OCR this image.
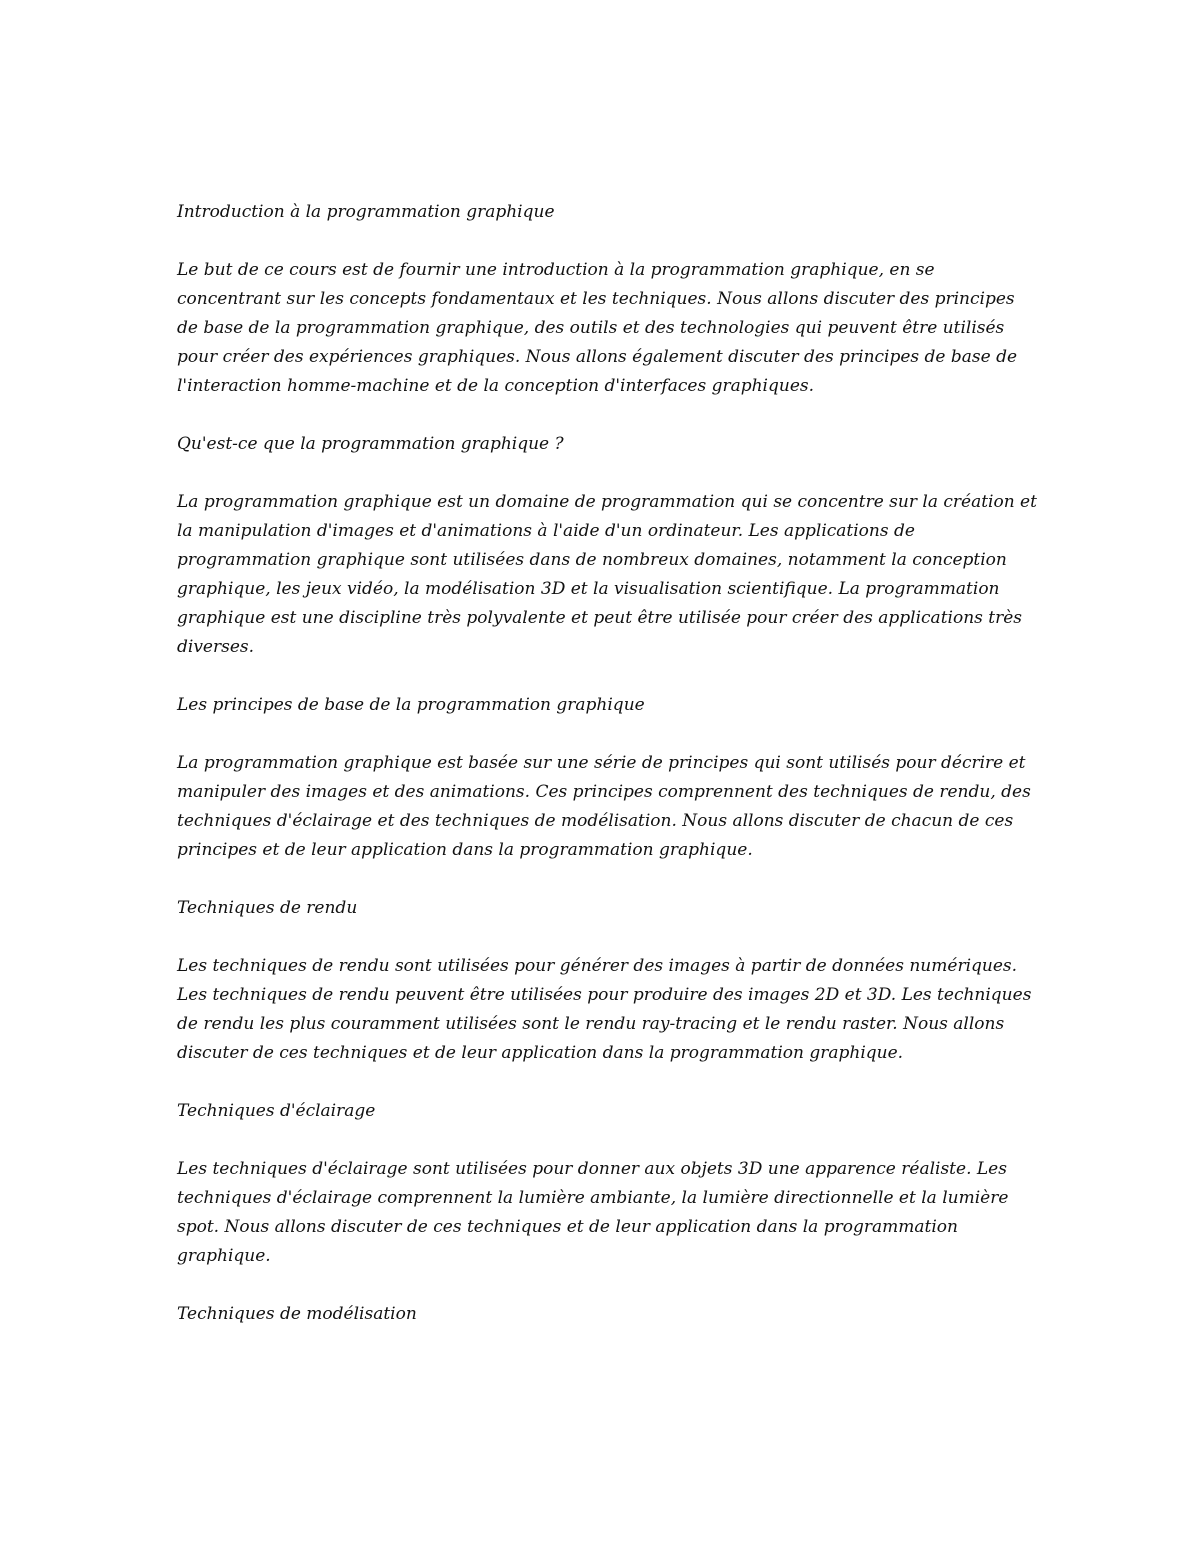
Introduction à la programmation graphique

Le but de ce cours est de fournir une introduction à la programmation graphique, en se concentrant sur les concepts fondamentaux et les techniques. Nous allons discuter des principes de base de la programmation graphique, des outils et des technologies qui peuvent être utilisés pour créer des expériences graphiques. Nous allons également discuter des principes de base de l'interaction homme-machine et de la conception d'interfaces graphiques.

Qu'est-ce que la programmation graphique ?

La programmation graphique est un domaine de programmation qui se concentre sur la création et la manipulation d'images et d'animations à l'aide d'un ordinateur. Les applications de programmation graphique sont utilisées dans de nombreux domaines, notamment la conception graphique, les jeux vidéo, la modélisation 3D et la visualisation scientifique. La programmation graphique est une discipline très polyvalente et peut être utilisée pour créer des applications très diverses.

Les principes de base de la programmation graphique

La programmation graphique est basée sur une série de principes qui sont utilisés pour décrire et manipuler des images et des animations. Ces principes comprennent des techniques de rendu, des techniques d'éclairage et des techniques de modélisation. Nous allons discuter de chacun de ces principes et de leur application dans la programmation graphique.

Techniques de rendu

Les techniques de rendu sont utilisées pour générer des images à partir de données numériques. Les techniques de rendu peuvent être utilisées pour produire des images 2D et 3D. Les techniques de rendu les plus couramment utilisées sont le rendu ray-tracing et le rendu raster. Nous allons discuter de ces techniques et de leur application dans la programmation graphique.

Techniques d'éclairage

Les techniques d'éclairage sont utilisées pour donner aux objets 3D une apparence réaliste. Les techniques d'éclairage comprennent la lumière ambiante, la lumière directionnelle et la lumière spot. Nous allons discuter de ces techniques et de leur application dans la programmation graphique.

Techniques de modélisation
